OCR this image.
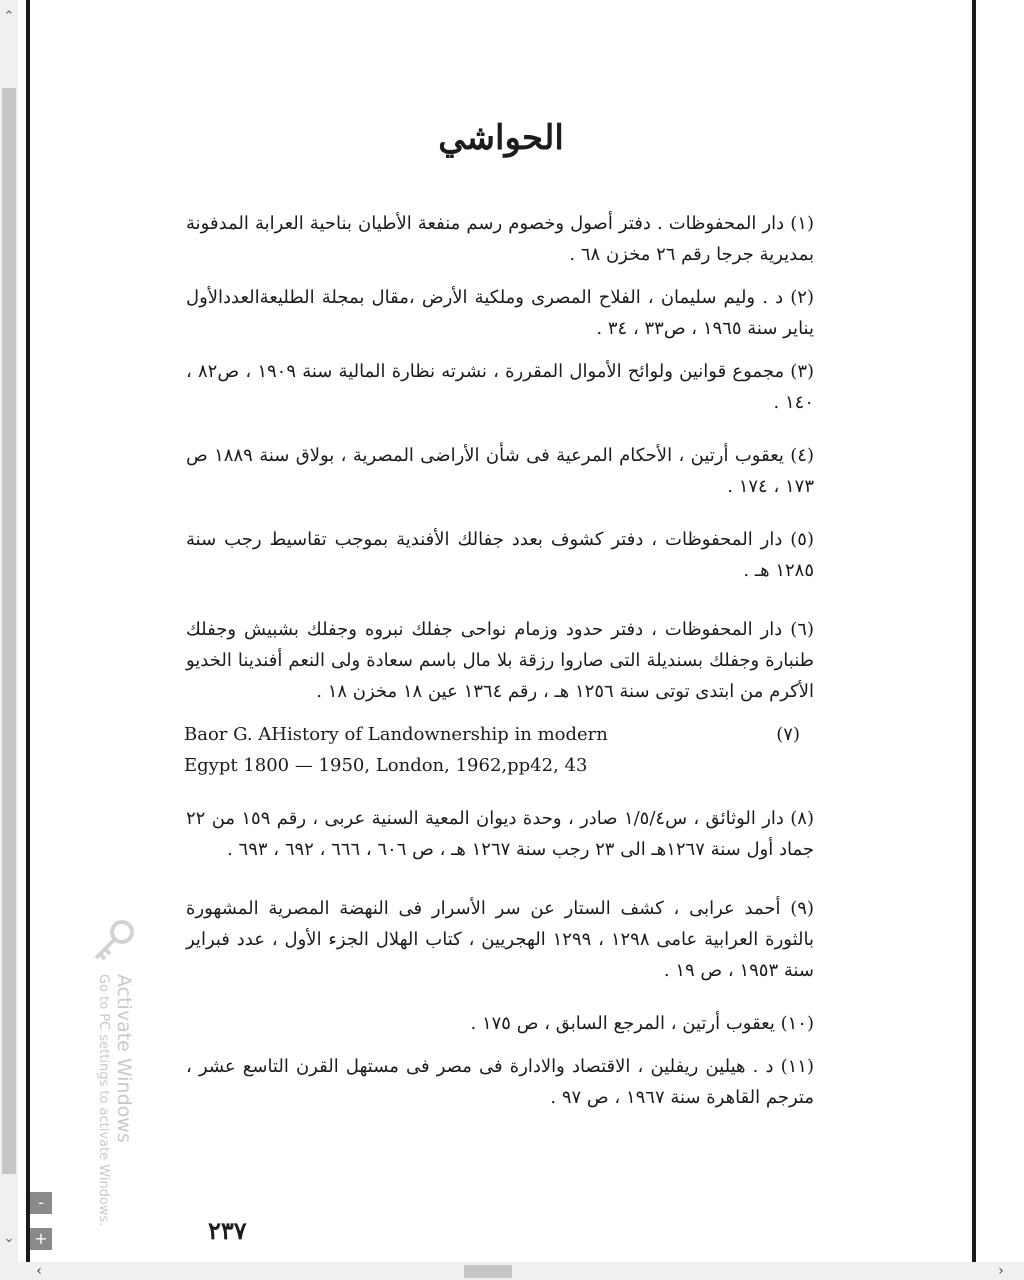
⌃
⌄
الحواشي

(١) دار المحفوظات . دفتر أصول وخصوم رسم منفعة الأطيان بناحية العرابة المدفونة بمديرية جرجا رقم ٢٦ مخزن ٦٨ .

(٢) د . وليم سليمان ، الفلاح المصرى وملكية الأرض ،مقال بمجلة الطليعةالعددالأول يناير سنة ١٩٦٥ ، ص٣٣ ، ٣٤ .

(٣) مجموع قوانين ولوائح الأموال المقررة ، نشرته نظارة المالية سنة ١٩٠٩ ، ص٨٢ ، ١٤٠ .

(٤) يعقوب أرتين ، الأحكام المرعية فى شأن الأراضى المصرية ، بولاق سنة ١٨٨٩ ص ١٧٣ ، ١٧٤ .

(٥) دار المحفوظات ، دفتر كشوف بعدد جفالك الأفندية بموجب تقاسيط رجب سنة ١٢٨٥ هـ .

(٦) دار المحفوظات ، دفتر حدود وزمام نواحى جفلك نبروه وجفلك بشبيش وجفلك طنبارة وجفلك بسنديلة التى صاروا رزقة بلا مال باسم سعادة ولى النعم أفندينا الخديو الأكرم من ابتدى توتى سنة ١٢٥٦ هـ ، رقم ١٣٦٤ عين ١٨ مخزن ١٨ .

(٧)
Baor G. AHistory of Landownership in modern
Egypt 1800 — 1950, London, 1962,pp42, 43

(٨) دار الوثائق ، س١/٥/٤ صادر ، وحدة ديوان المعية السنية عربى ، رقم ١٥٩ من ٢٢ جماد أول سنة ١٢٦٧هـ الى ٢٣ رجب سنة ١٢٦٧ هـ ، ص ٦٠٦ ، ٦٦٦ ، ٦٩٢ ، ٦٩٣ .

(٩) أحمد عرابى ، كشف الستار عن سر الأسرار فى النهضة المصرية المشهورة بالثورة العرابية عامى ١٢٩٨ ، ١٢٩٩ الهجريين ، كتاب الهلال الجزء الأول ، عدد فبراير سنة ١٩٥٣ ، ص ١٩ .

(١٠) يعقوب أرتين ، المرجع السابق ، ص ١٧٥ .

(١١) د . هيلين ريفلين ، الاقتصاد والادارة فى مصر فى مستهل القرن التاسع عشر ، مترجم القاهرة سنة ١٩٦٧ ، ص ٩٧ .

٢٣٧
Activate Windows
Go to PC settings to activate Windows.
-
+
‹	›
